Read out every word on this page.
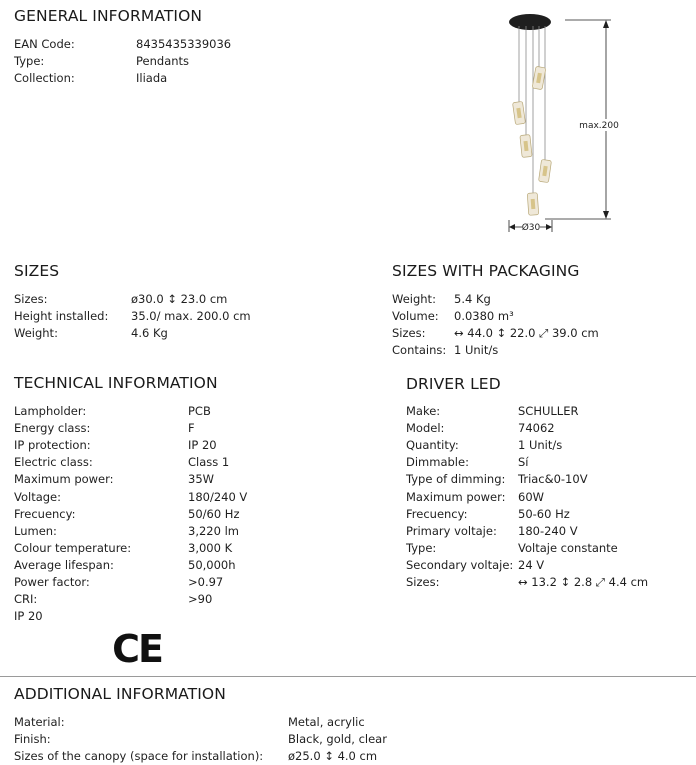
GENERAL INFORMATION
max.200
Ø30
SIZES	SIZES WITH PACKAGING
TECHNICAL INFORMATION
IP 20
CE
DRIVER LED
ADDITIONAL INFORMATION
EAN Code:	8435435339036
Type:	Pendants
Collection:	Iliada
Sizes:	ø30.0 ↕ 23.0 cm
Height installed: 35.0/ max. 200.0 cm
Weight:	4.6 Kg
Weight: 5.4 Kg
Volume: 0.0380 m³
Sizes: ↔ 44.0 ↕ 22.0 ⤢ 39.0 cm
Contains: 1 Unit/s
Lampholder:	PCB
Energy class:	F
IP protection:	IP 20
Electric class:	Class 1
Maximum power:	35W
Voltage:	180/240 V
Frecuency:	50/60 Hz
Lumen:	3,220 lm
Colour temperature:	3,000 K
Average lifespan:	50,000h
Power factor:	>0.97
CRI:	>90
Make:	SCHULLER
Model:	74062
Quantity:	1 Unit/s
Dimmable:	Sí
Type of dimming: Triac&0-10V
Maximum power: 60W
Frecuency:	50-60 Hz
Primary voltaje: 180-240 V
Type:	Voltaje constante
Secondary voltaje: 24 V
Sizes:	↔ 13.2 ↕ 2.8 ⤢ 4.4 cm
Material:	Metal, acrylic
Finish:	Black, gold, clear
Sizes of the canopy (space for installation): ø25.0 ↕ 4.0 cm
